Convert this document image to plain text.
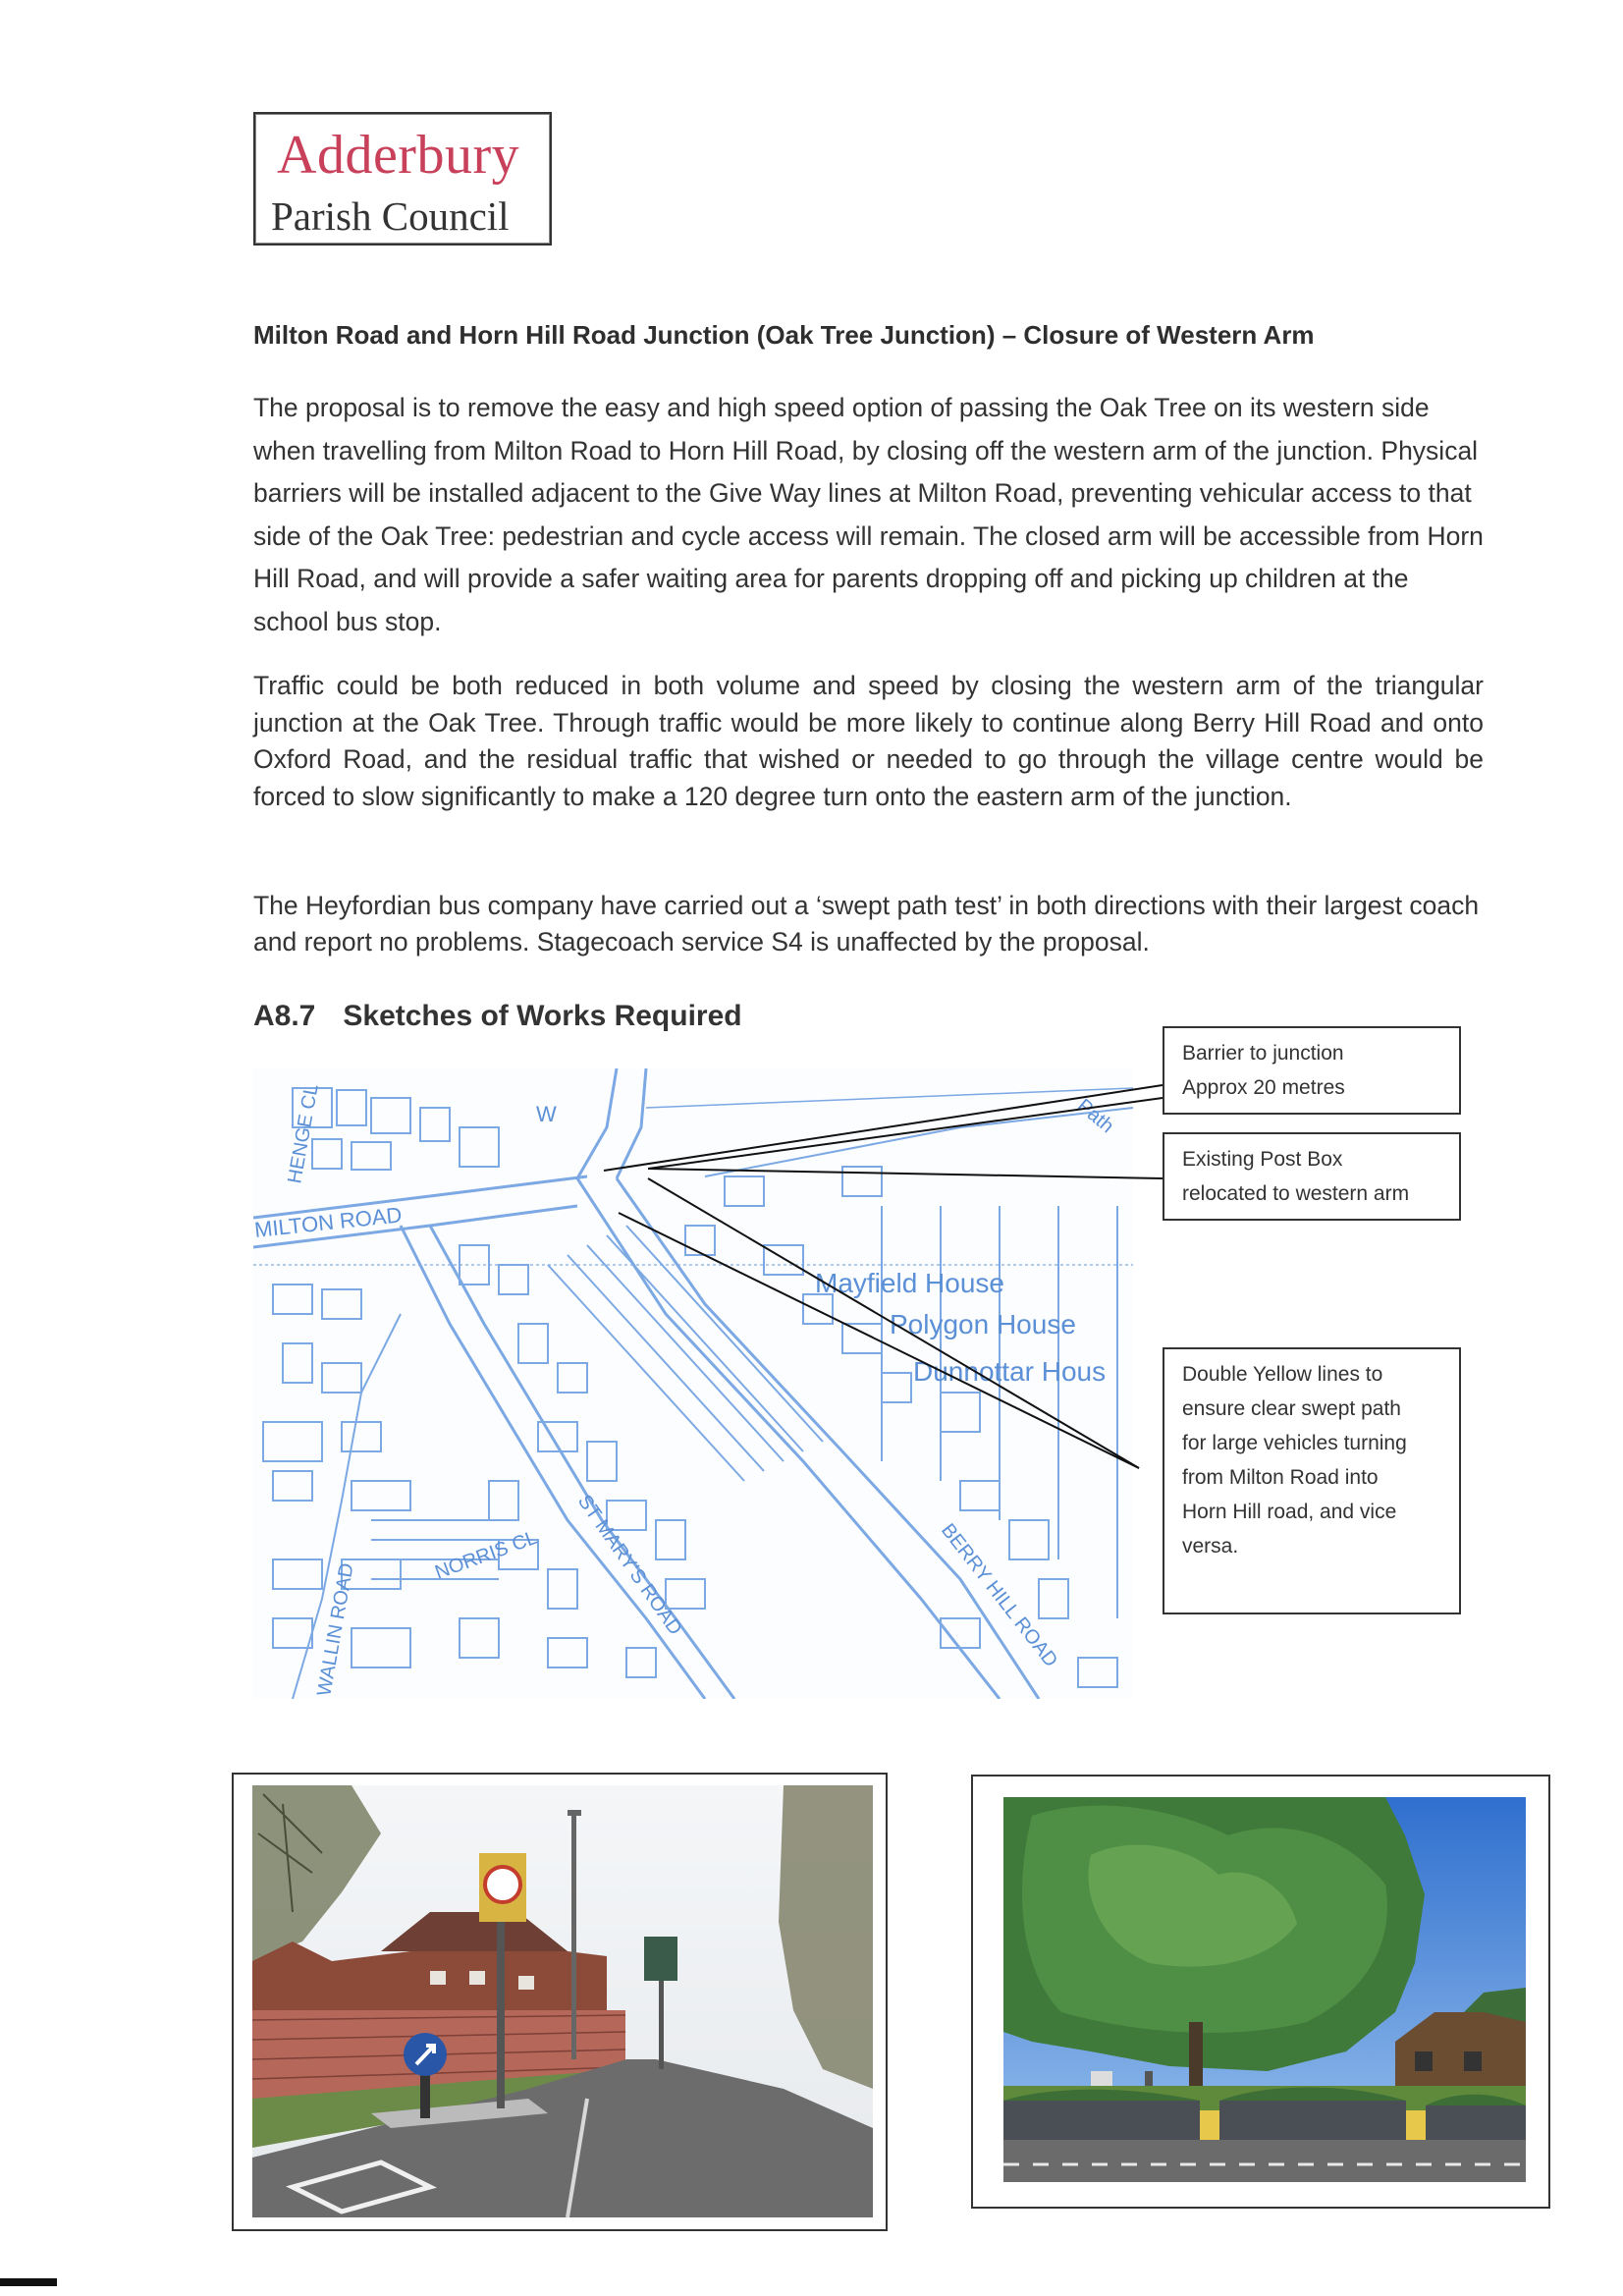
Adderbury
Parish Council
Milton Road and Horn Hill Road Junction (Oak Tree Junction) – Closure of Western Arm
The proposal is to remove the easy and high speed option of passing the Oak Tree on its western side when travelling from Milton Road to Horn Hill Road, by closing off the western arm of the junction. Physical barriers will be installed adjacent to the Give Way lines at Milton Road, preventing vehicular access to that side of the Oak Tree: pedestrian and cycle access will remain. The closed arm will be accessible from Horn Hill Road, and will provide a safer waiting area for parents dropping off and picking up children at the school bus stop.
Traffic could be both reduced in both volume and speed by closing the western arm of the triangular junction at the Oak Tree. Through traffic would be more likely to continue along Berry Hill Road and onto Oxford Road, and the residual traffic that wished or needed to go through the village centre would be forced to slow significantly to make a 120 degree turn onto the eastern arm of the junction.
The Heyfordian bus company have carried out a ‘swept path test’ in both directions with their largest coach and report no problems. Stagecoach service S4 is unaffected by the proposal.
A8.7 Sketches of Works Required
MILTON ROAD
HENGE CL
Mayfield House
Polygon House
Dunnottar Hous
NORRIS CL ST MARY'S ROAD
WALLIN ROAD	BERRY HILL ROAD
Path
W
Barrier to junction
Approx 20 metres
Existing Post Box
relocated to western arm
Double Yellow lines to
ensure clear swept path
for large vehicles turning
from Milton Road into
Horn Hill road, and vice
versa.
